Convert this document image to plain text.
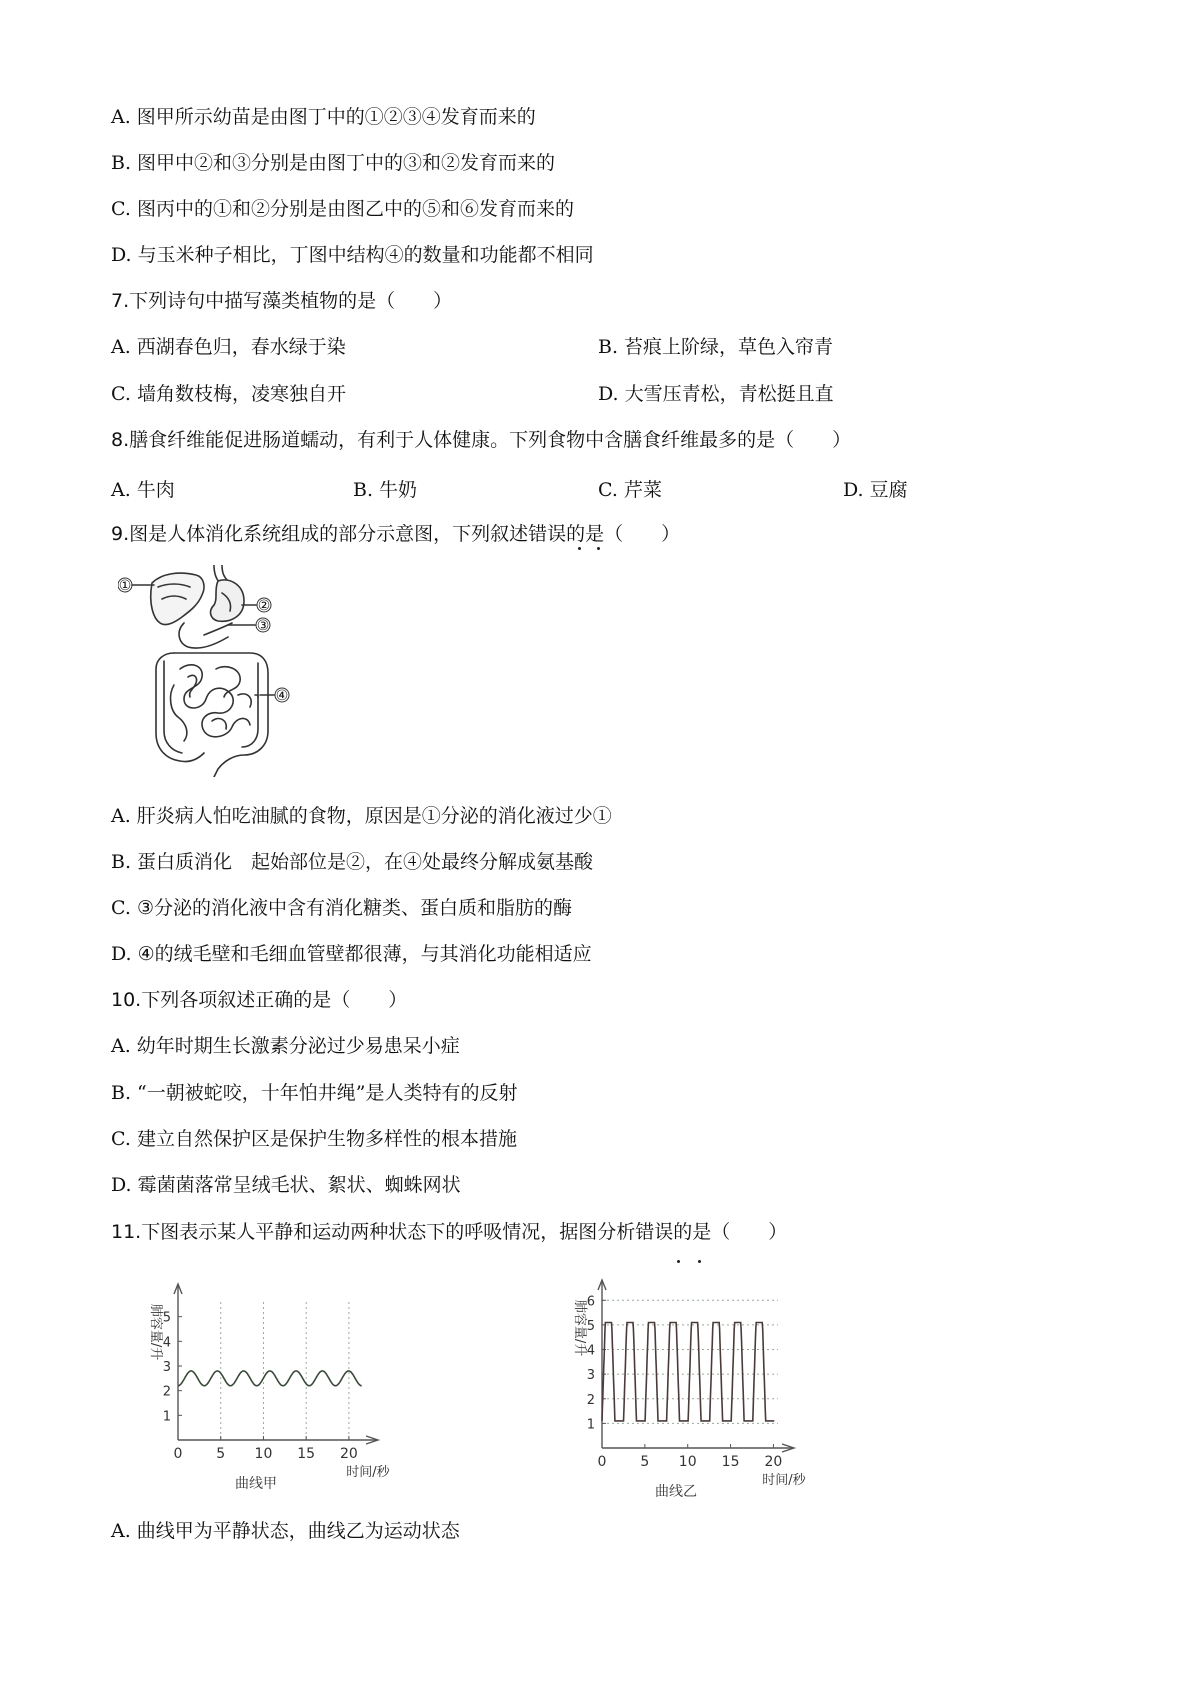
A. 图甲所示幼苗是由图丁中的①②③④发育而来的
B. 图甲中②和③分别是由图丁中的③和②发育而来的
C. 图丙中的①和②分别是由图乙中的⑤和⑥发育而来的
D. 与玉米种子相比，丁图中结构④的数量和功能都不相同
7.下列诗句中描写藻类植物的是（　　）
A. 西湖春色归，春水绿于染	B. 苔痕上阶绿，草色入帘青
C. 墙角数枝梅，凌寒独自开	D. 大雪压青松，青松挺且直
8.膳食纤维能促进肠道蠕动，有利于人体健康。下列食物中含膳食纤维最多的是（　　）
A. 牛肉	B. 牛奶	C. 芹菜	D. 豆腐
9.图是人体消化系统组成的部分示意图，下列叙述错误的是（　　）
①
②
③
④
A. 肝炎病人怕吃油腻的食物，原因是①分泌的消化液过少①
B. 蛋白质消化　起始部位是②，在④处最终分解成氨基酸
C. ③分泌的消化液中含有消化糖类、蛋白质和脂肪的酶
D. ④的绒毛壁和毛细血管壁都很薄，与其消化功能相适应
10.下列各项叙述正确的是（　　）
A. 幼年时期生长激素分泌过少易患呆小症
B. “一朝被蛇咬，十年怕井绳”是人类特有的反射
C. 建立自然保护区是保护生物多样性的根本措施
D. 霉菌菌落常呈绒毛状、絮状、蜘蛛网状
11.下图表示某人平静和运动两种状态下的呼吸情况，据图分析错误的是（　　）
0 5 10 15 20
1
2
3
4
5
肺容量/升
时间/秒
曲线甲
0 5 10 15 20
1
2
3
4
5
6
肺容量/升
时间/秒
曲线乙
A. 曲线甲为平静状态，曲线乙为运动状态
